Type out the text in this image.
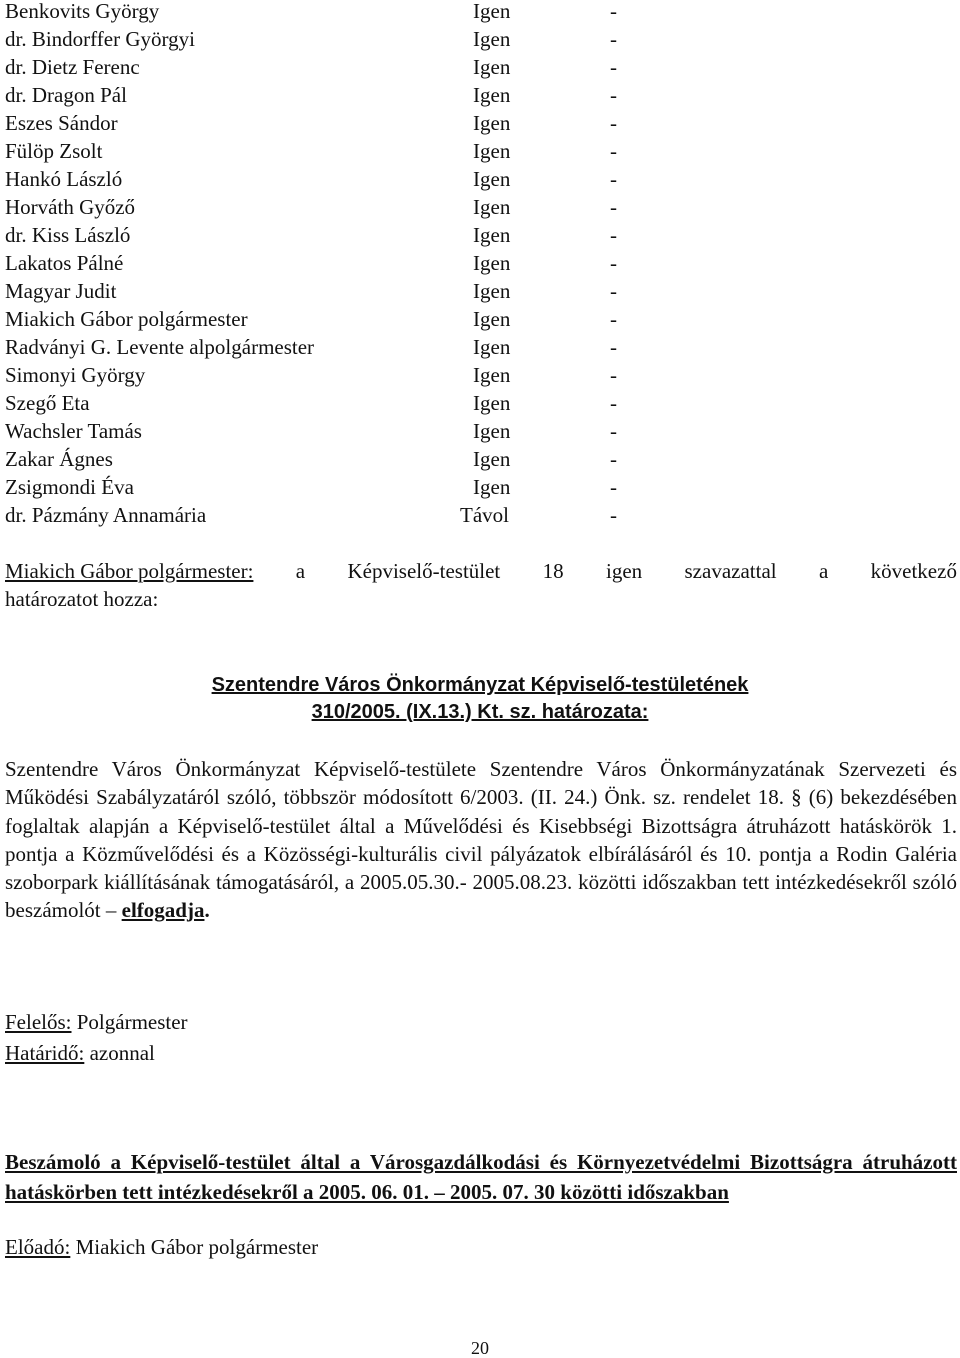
Benkovits György	Igen	-
dr. Bindorffer Györgyi	Igen	-
dr. Dietz Ferenc	Igen	-
dr. Dragon Pál	Igen	-
Eszes Sándor	Igen	-
Fülöp Zsolt	Igen	-
Hankó László	Igen	-
Horváth Győző	Igen	-
dr. Kiss László	Igen	-
Lakatos Pálné	Igen	-
Magyar Judit	Igen	-
Miakich Gábor polgármester	Igen	-
Radványi G. Levente alpolgármester	Igen	-
Simonyi György	Igen	-
Szegő Eta	Igen	-
Wachsler Tamás	Igen	-
Zakar Ágnes	Igen	-
Zsigmondi Éva	Igen	-
dr. Pázmány Annamária	Távol	-
Miakich Gábor polgármester: a Képviselő-testület 18 igen szavazattal a következő
határozatot hozza:
Szentendre Város Önkormányzat Képviselő-testületének
310/2005. (IX.13.) Kt. sz. határozata:
Szentendre Város Önkormányzat Képviselő-testülete Szentendre Város Önkormányzatának Szervezeti és Működési Szabályzatáról szóló, többször módosított 6/2003. (II. 24.) Önk. sz. rendelet 18. § (6) bekezdésében foglaltak alapján a Képviselő-testület által a Művelődési és Kisebbségi Bizottságra átruházott hatáskörök 1. pontja a Közművelődési és a Közösségi-kulturális civil pályázatok elbírálásáról és 10. pontja a Rodin Galéria szoborpark kiállításának támogatásáról, a 2005.05.30.- 2005.08.23. közötti időszakban tett intézkedésekről szóló beszámolót – elfogadja.
Felelős: Polgármester
Határidő: azonnal
Beszámoló a Képviselő-testület által a Városgazdálkodási és Környezetvédelmi Bizottságra átruházott hatáskörben tett intézkedésekről a 2005. 06. 01. – 2005. 07. 30 közötti időszakban
Előadó: Miakich Gábor polgármester
20
